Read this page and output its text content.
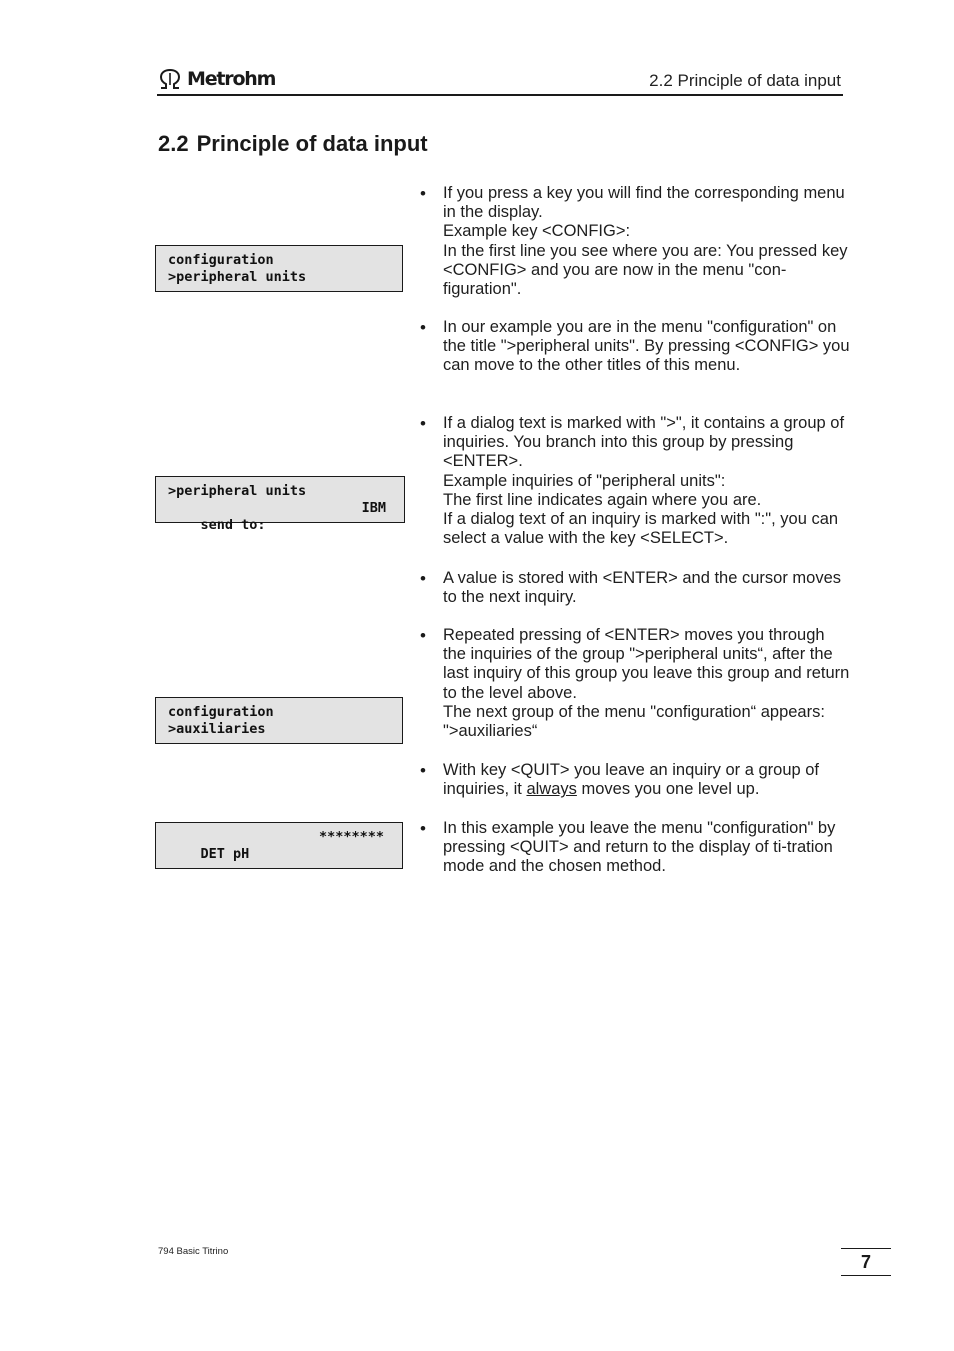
Metrohm	2.2 Principle of data input
2.2 Principle of data input
configuration
>peripheral units
>peripheral units

send to:

IBM

configuration
>auxiliaries

DET pH

********

• If you press a key you will find the corresponding menu in the display.

Example key <CONFIG>:

In the first line you see where you are: You pressed key <CONFIG> and you are now in the menu "con-figuration".

• In our example you are in the menu "configuration" on the title ">peripheral units". By pressing <CONFIG> you can move to the other titles of this menu.

• If a dialog text is marked with ">", it contains a group of inquiries. You branch into this group by pressing <ENTER>.

Example inquiries of "peripheral units":

The first line indicates again where you are.

If a dialog text of an inquiry is marked with ":", you can select a value with the key <SELECT>.

• A value is stored with <ENTER> and the cursor moves to the next inquiry.

• Repeated pressing of <ENTER> moves you through the inquiries of the group ">peripheral units“, after the last inquiry of this group you leave this group and return to the level above.

The next group of the menu "configuration“ appears: ">auxiliaries“

• With key <QUIT> you leave an inquiry or a group of inquiries, it always moves you one level up.

• In this example you leave the menu "configuration" by pressing <QUIT> and return to the display of ti-tration mode and the chosen method.

794 Basic Titrino
7
